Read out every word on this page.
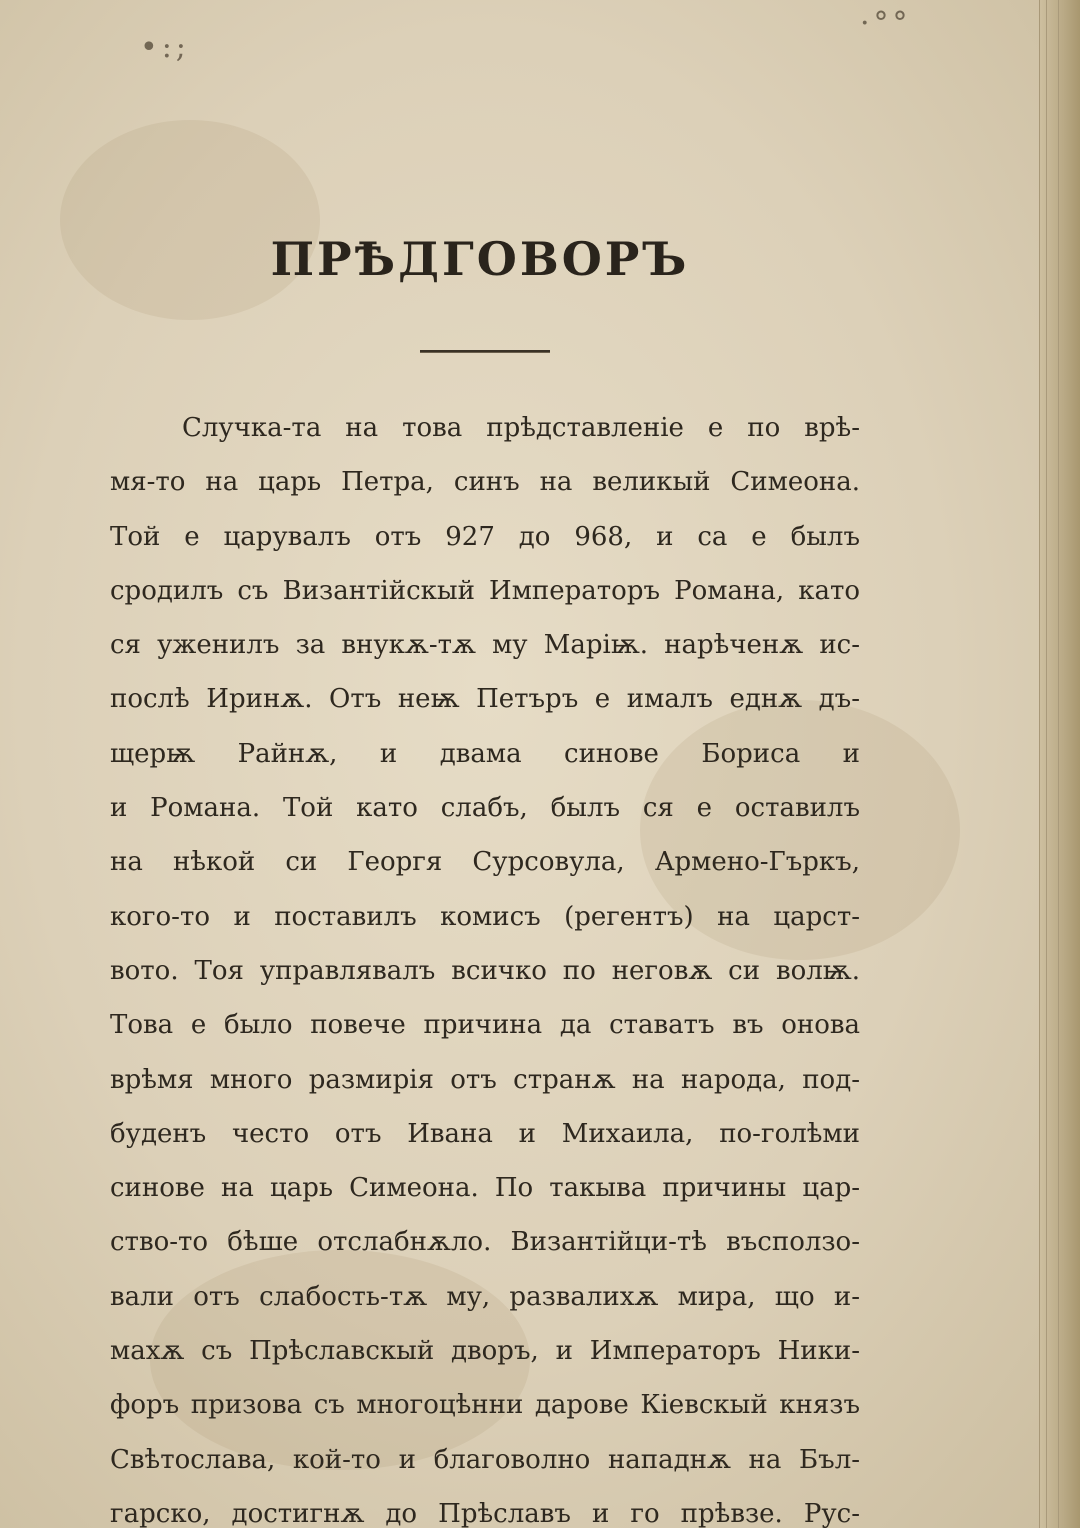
•:;
·°°
ПРѢДГОВОРЪ
Случка-та на това прѣдставленіе е по врѣ-
мя-то на царь Петра, синъ на великый Симеона.
Той е царувалъ отъ 927 до 968, и са е былъ
сродилъ съ Византійскый Императоръ Романа, като
ся уженилъ за внукѫ-тѫ му Маріѭ. нарѣченѫ ис-
послѣ Иринѫ. Отъ неѭ Петъръ е ималъ еднѫ дъ-
щерѭ Райнѫ, и двама синове Бориса и
и Романа. Той като слабъ, былъ ся е оставилъ
на нѣкой си Георгя Сурсовула, Армено-Гъркъ,
кого-то и поставилъ комисъ (регентъ) на царст-
вото. Тоя управлявалъ всичко по неговѫ си волѭ.
Това е было повече причина да ставатъ въ онова
врѣмя много размирія отъ странѫ на народа, под-
буденъ често отъ Ивана и Михаила, по-голѣми
синове на царь Симеона. По такыва причины цар-
ство-то бѣше отслабнѫло. Византійци-тѣ въсползо-
вали отъ слабость-тѫ му, развалихѫ мира, що и-
махѫ съ Прѣславскый дворъ, и Императоръ Ники-
форъ призова съ многоцѣнни дарове Кіевскый князъ
Свѣтослава, кой-то и благоволно нападнѫ на Бъл-
гарско, достигнѫ до Прѣславъ и го прѣвзе. Рус-
